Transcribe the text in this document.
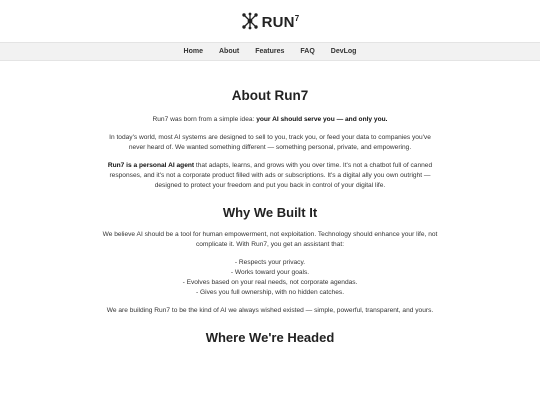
RUN$^7$
Home	About	Features	FAQ	DevLog
About Run7

Run7 was born from a simple idea: your AI should serve you — and only you.

In today's world, most AI systems are designed to sell to you, track you, or feed your data to companies you've never heard of. We wanted something different — something personal, private, and empowering.

Run7 is a personal AI agent that adapts, learns, and grows with you over time. It's not a chatbot full of canned responses, and it's not a corporate product filled with ads or subscriptions. It's a digital ally you own outright — designed to protect your freedom and put you back in control of your digital life.

Why We Built It

We believe AI should be a tool for human empowerment, not exploitation. Technology should enhance your life, not complicate it. With Run7, you get an assistant that:

- Respects your privacy.
- Works toward your goals.
- Evolves based on your real needs, not corporate agendas.
- Gives you full ownership, with no hidden catches.

We are building Run7 to be the kind of AI we always wished existed — simple, powerful, transparent, and yours.

Where We're Headed
